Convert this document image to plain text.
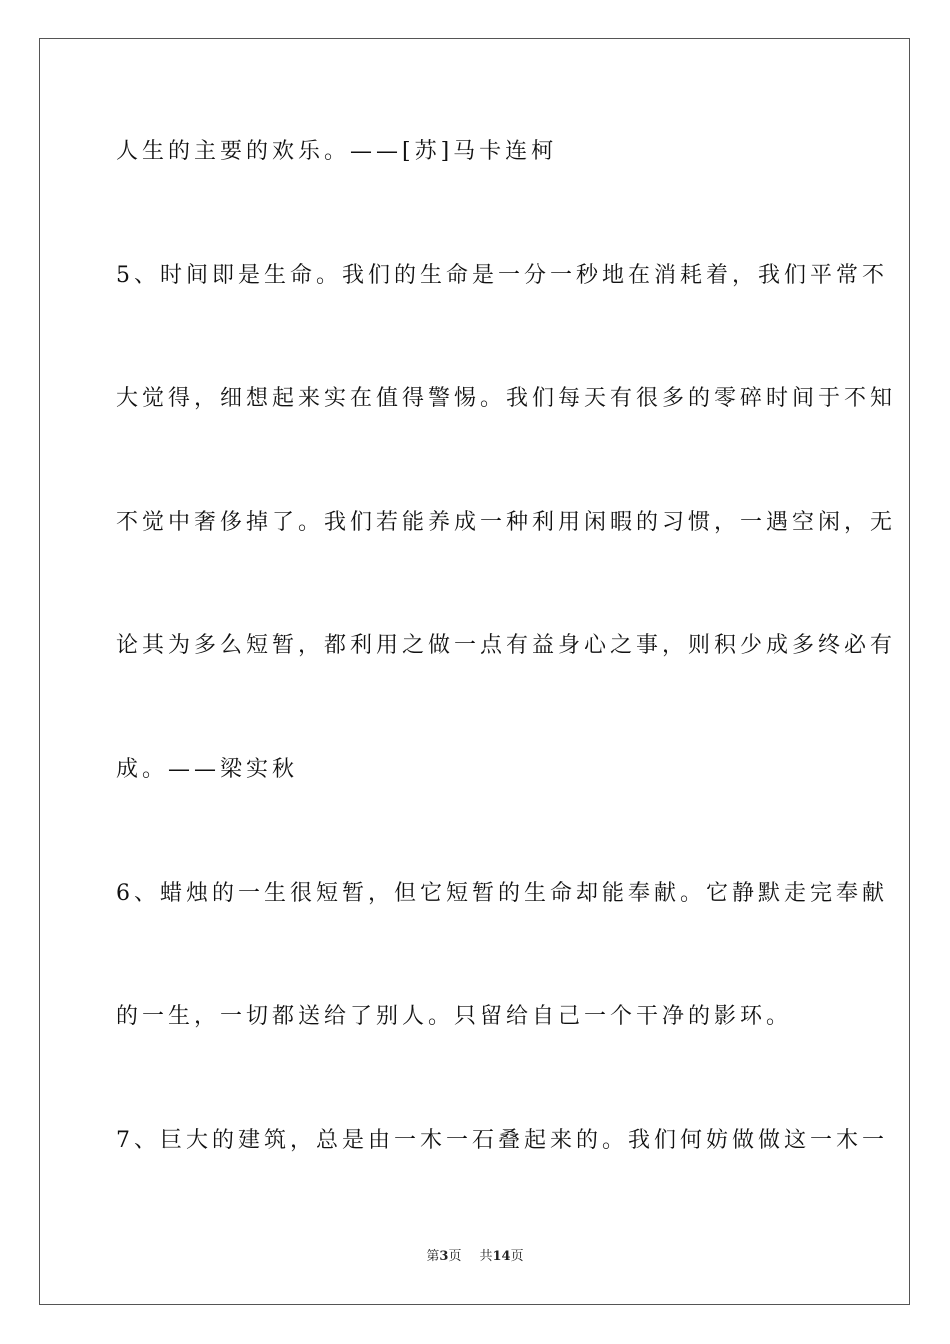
人生的主要的欢乐。——[苏]马卡连柯
5、时间即是生命。我们的生命是一分一秒地在消耗着，我们平常不
大觉得，细想起来实在值得警惕。我们每天有很多的零碎时间于不知
不觉中奢侈掉了。我们若能养成一种利用闲暇的习惯，一遇空闲，无
论其为多么短暂，都利用之做一点有益身心之事，则积少成多终必有
成。——梁实秋
6、蜡烛的一生很短暂，但它短暂的生命却能奉献。它静默走完奉献
的一生，一切都送给了别人。只留给自己一个干净的影环。
7、巨大的建筑，总是由一木一石叠起来的。我们何妨做做这一木一
第3页 共14页
